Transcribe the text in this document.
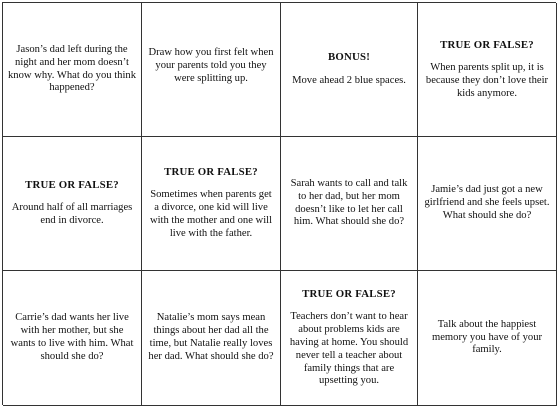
Jason’s dad left during the night and her mom doesn’t know why. What do you think happened?
Draw how you first felt when your parents told you they were splitting up.
BONUS!
Move ahead 2 blue spaces.
TRUE OR FALSE?
When parents split up, it is because they don’t love their kids anymore.
TRUE OR FALSE?
Around half of all marriages end in divorce.
TRUE OR FALSE?
Sometimes when parents get a divorce, one kid will live with the mother and one will live with the father.
Sarah wants to call and talk to her dad, but her mom doesn’t like to let her call him. What should she do?
Jamie’s dad just got a new girlfriend and she feels upset. What should she do?
Carrie’s dad wants her live with her mother, but she wants to live with him. What should she do?
Natalie’s mom says mean things about her dad all the time, but Natalie really loves her dad. What should she do?
TRUE OR FALSE?
Teachers don’t want to hear about problems kids are having at home. You should never tell a teacher about family things that are upsetting you.
Talk about the happiest memory you have of your family.
